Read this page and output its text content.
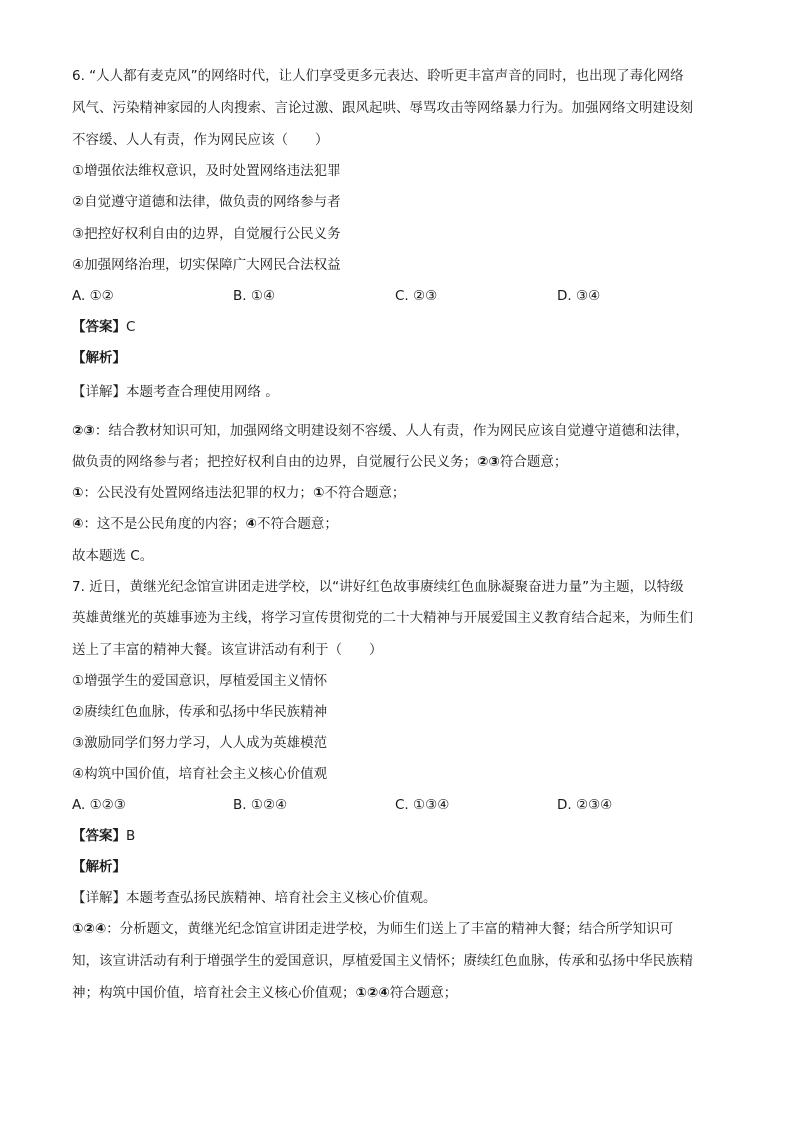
6. “人人都有麦克风”的网络时代，让人们享受更多元表达、聆听更丰富声音的同时，也出现了毒化网络
风气、污染精神家园的人肉搜索、言论过激、跟风起哄、辱骂攻击等网络暴力行为。加强网络文明建设刻
不容缓、人人有责，作为网民应该（　　）
①增强依法维权意识，及时处置网络违法犯罪
②自觉遵守道德和法律，做负责的网络参与者
③把控好权利自由的边界，自觉履行公民义务
④加强网络治理，切实保障广大网民合法权益
A. ①②	B. ①④	C. ②③	D. ③④
【答案】C
【解析】
【详解】本题考查合理使用网络 。
②③：结合教材知识可知，加强网络文明建设刻不容缓、人人有责，作为网民应该自觉遵守道德和法律，
做负责的网络参与者；把控好权利自由的边界，自觉履行公民义务；②③符合题意；
①：公民没有处置网络违法犯罪的权力；①不符合题意；
④：这不是公民角度的内容；④不符合题意；
故本题选 C。
7. 近日，黄继光纪念馆宣讲团走进学校，以“讲好红色故事赓续红色血脉凝聚奋进力量”为主题，以特级
英雄黄继光的英雄事迹为主线，将学习宣传贯彻党的二十大精神与开展爱国主义教育结合起来，为师生们
送上了丰富的精神大餐。该宣讲活动有利于（　　）
①增强学生的爱国意识，厚植爱国主义情怀
②赓续红色血脉，传承和弘扬中华民族精神
③激励同学们努力学习，人人成为英雄模范
④构筑中国价值，培育社会主义核心价值观
A. ①②③	B. ①②④	C. ①③④	D. ②③④
【答案】B
【解析】
【详解】本题考查弘扬民族精神、培育社会主义核心价值观。
①②④：分析题文，黄继光纪念馆宣讲团走进学校，为师生们送上了丰富的精神大餐；结合所学知识可
知，该宣讲活动有利于增强学生的爱国意识，厚植爱国主义情怀；赓续红色血脉，传承和弘扬中华民族精
神；构筑中国价值，培育社会主义核心价值观；①②④符合题意；
